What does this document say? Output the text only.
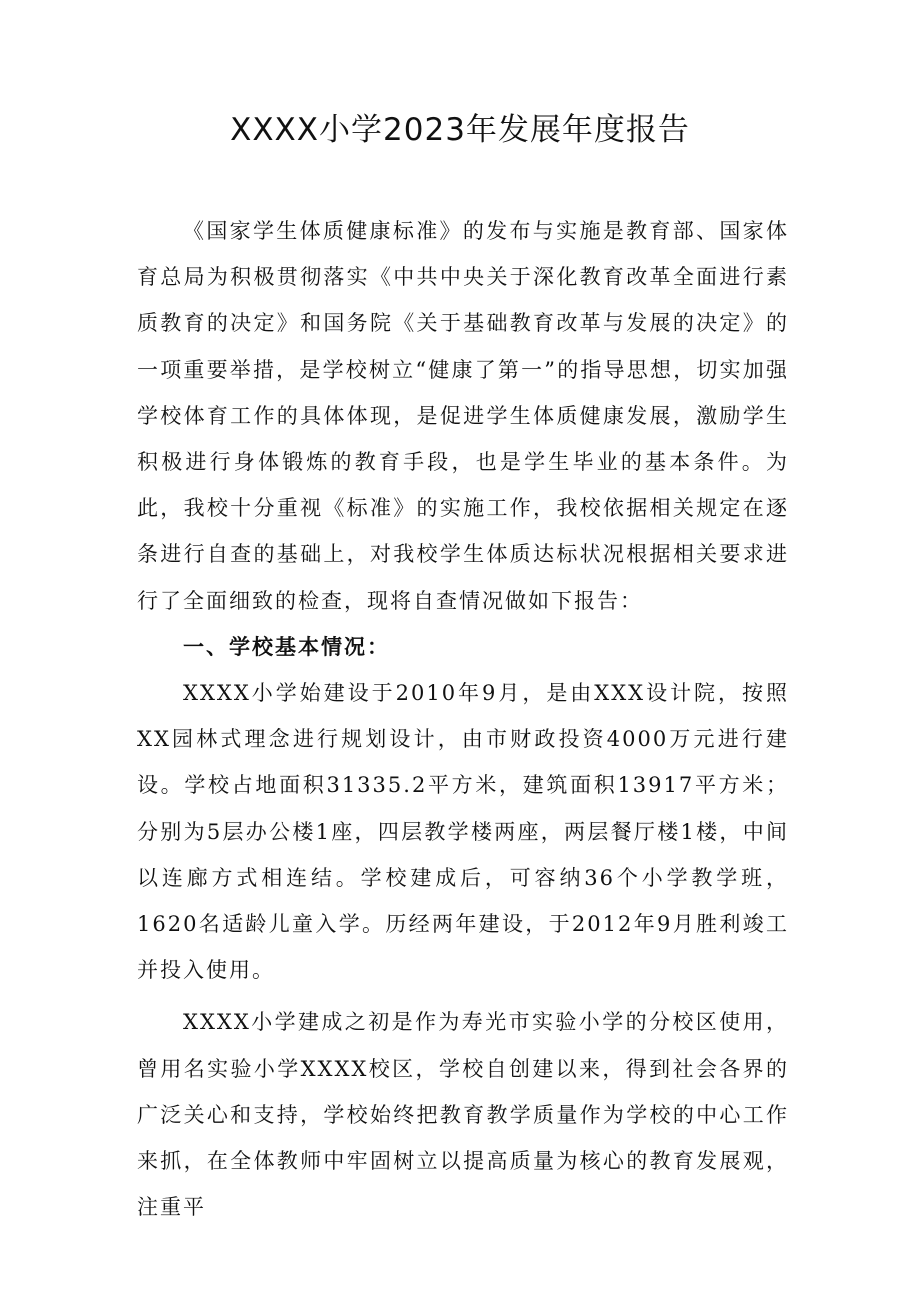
XXXX小学2023年发展年度报告

《国家学生体质健康标准》的发布与实施是教育部、国家体育总局为积极贯彻落实《中共中央关于深化教育改革全面进行素质教育的决定》和国务院《关于基础教育改革与发展的决定》的一项重要举措，是学校树立“健康了第一”的指导思想，切实加强学校体育工作的具体体现，是促进学生体质健康发展，激励学生积极进行身体锻炼的教育手段，也是学生毕业的基本条件。为此，我校十分重视《标准》的实施工作，我校依据相关规定在逐条进行自查的基础上，对我校学生体质达标状况根据相关要求进行了全面细致的检查，现将自查情况做如下报告：

一、学校基本情况：

XXXX小学始建设于2010年9月，是由XXX设计院，按照XX园林式理念进行规划设计，由市财政投资4000万元进行建设。学校占地面积31335.2平方米，建筑面积13917平方米；分别为5层办公楼1座，四层教学楼两座，两层餐厅楼1楼，中间以连廊方式相连结。学校建成后，可容纳36个小学教学班，1620名适龄儿童入学。历经两年建设，于2012年9月胜利竣工并投入使用。

XXXX小学建成之初是作为寿光市实验小学的分校区使用，曾用名实验小学XXXX校区，学校自创建以来，得到社会各界的广泛关心和支持，学校始终把教育教学质量作为学校的中心工作来抓，在全体教师中牢固树立以提高质量为核心的教育发展观，注重平
